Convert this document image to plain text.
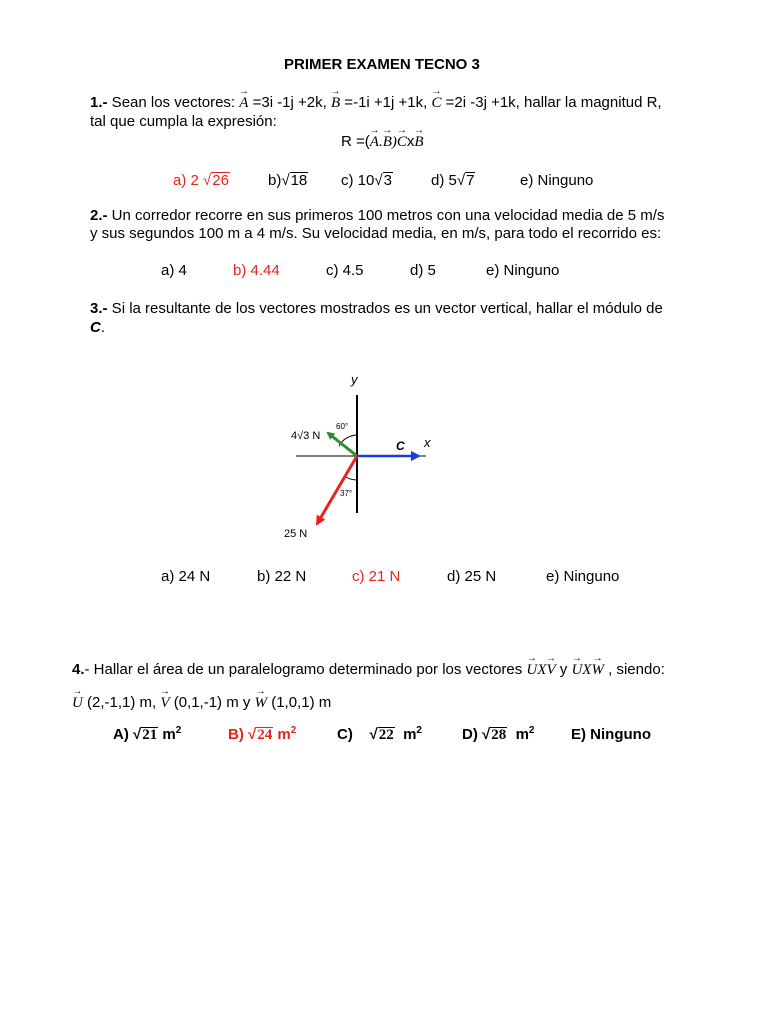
PRIMER EXAMEN TECNO 3
1.- Sean los vectores: → A =3i -1j +2k, → B =-1i +1j +1k, → C =2i -3j +1k, hallar la magnitud R,
tal que cumpla la expresión:
R =(→ A.→ B)→ Cx→ B
a) 2 √26	b)√18 c) 10√3	d) 5√7	e) Ninguno
2.- Un corredor recorre en sus primeros 100 metros con una velocidad media de 5 m/s
y sus segundos 100 m a 4 m/s. Su velocidad media, en m/s, para todo el recorrido es:
a) 4	b) 4.44	c) 4.5	d) 5	e) Ninguno
3.- Si la resultante de los vectores mostrados es un vector vertical, hallar el módulo de
C.
y
x
C
4√3 N
25 N
60°
37°
a) 24 N	b) 22 N	c) 21 N	d) 25 N	e) Ninguno
4.- Hallar el área de un paralelogramo determinado por los vectores → UX→ V y → UX→ W , siendo:
→ U (2,-1,1) m, → V (0,1,-1) m y → W (1,0,1) m
A) √21 $m^2$	B) √24 $m^2$	C)    √22  $m^2$	D) √28  $m^2$ E) Ninguno
